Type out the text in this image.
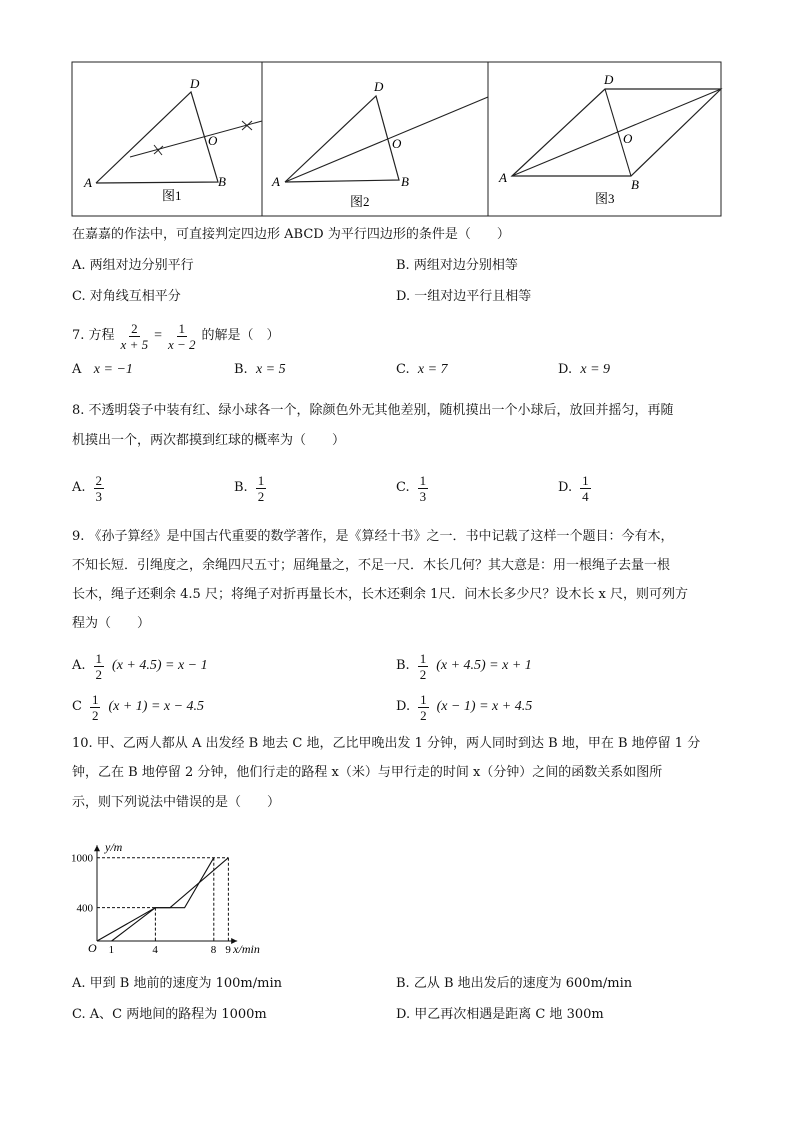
A	B
D
O
图1
A	B
D
O
图2
A	B
D
O
图3
在嘉嘉的作法中，可直接判定四边形 ABCD 为平行四边形的条件是（　　）
A. 两组对边分别平行	B. 两组对边分别相等
C. 对角线互相平分	D. 一组对边平行且相等
7. 方程 $\frac{2}{x + 5} = \frac{1}{x - 2}$ 的解是（　）
A x = −1	B. x = 5	C. x = 7	D. x = 9
8. 不透明袋子中装有红、绿小球各一个，除颜色外无其他差别，随机摸出一个小球后，放回并摇匀，再随
机摸出一个，两次都摸到红球的概率为（　　）
A. $\frac{2}{3}$	B. $\frac{1}{2}$	C. $\frac{1}{3}$	D. $\frac{1}{4}$
9. 《孙子算经》是中国古代重要的数学著作，是《算经十书》之一．书中记载了这样一个题目：今有木，
不知长短．引绳度之，余绳四尺五寸；屈绳量之，不足一尺．木长几何？其大意是：用一根绳子去量一根
长木，绳子还剩余 4.5 尺；将绳子对折再量长木，长木还剩余 1尺．问木长多少尺？设木长 x 尺，则可列方
程为（　　）
A. $\frac{1}{2} (x + 4.5) = x - 1$	B. $\frac{1}{2} (x + 4.5) = x + 1$
C $\frac{1}{2} (x + 1) = x - 4.5$	D. $\frac{1}{2} (x - 1) = x + 4.5$
10. 甲、乙两人都从 A 出发经 B 地去 C 地，乙比甲晚出发 1 分钟，两人同时到达 B 地，甲在 B 地停留 1 分
钟，乙在 B 地停留 2 分钟，他们行走的路程 x（米）与甲行走的时间 x（分钟）之间的函数关系如图所
示，则下列说法中错误的是（　　）
y/m
x/min
O 1	4	8 9
400
1000
A. 甲到 B 地前的速度为 100m/min	B. 乙从 B 地出发后的速度为 600m/min
C. A、C 两地间的路程为 1000m	D. 甲乙再次相遇是距离 C 地 300m
